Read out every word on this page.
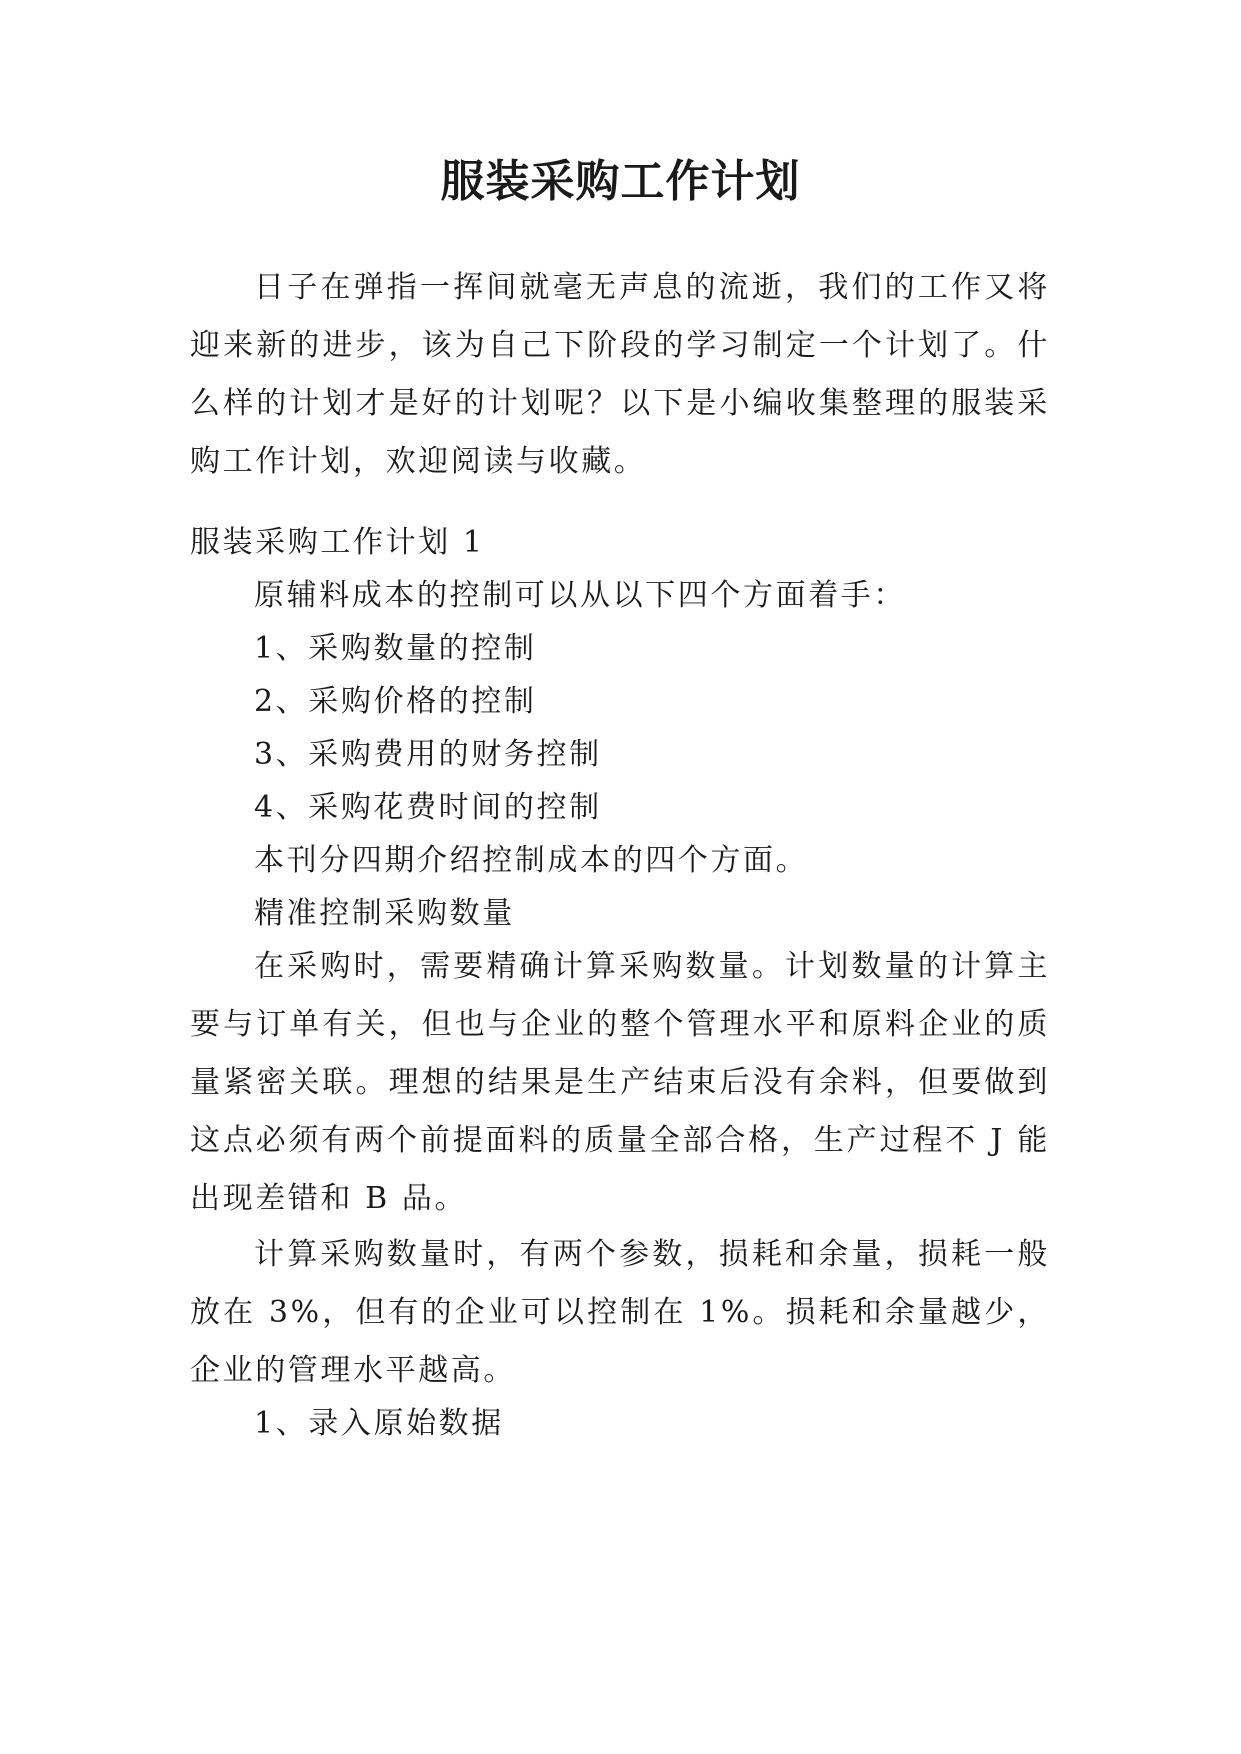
服装采购工作计划

日子在弹指一挥间就毫无声息的流逝，我们的工作又将迎来新的进步，该为自己下阶段的学习制定一个计划了。什么样的计划才是好的计划呢？以下是小编收集整理的服装采购工作计划，欢迎阅读与收藏。

服装采购工作计划 1

原辅料成本的控制可以从以下四个方面着手：

1、采购数量的控制

2、采购价格的控制

3、采购费用的财务控制

4、采购花费时间的控制

本刊分四期介绍控制成本的四个方面。

精准控制采购数量

在采购时，需要精确计算采购数量。计划数量的计算主要与订单有关，但也与企业的整个管理水平和原料企业的质量紧密关联。理想的结果是生产结束后没有余料，但要做到这点必须有两个前提面料的质量全部合格，生产过程不 J 能出现差错和 B 品。

计算采购数量时，有两个参数，损耗和余量，损耗一般放在 3%，但有的企业可以控制在 1%。损耗和余量越少，企业的管理水平越高。

1、录入原始数据
